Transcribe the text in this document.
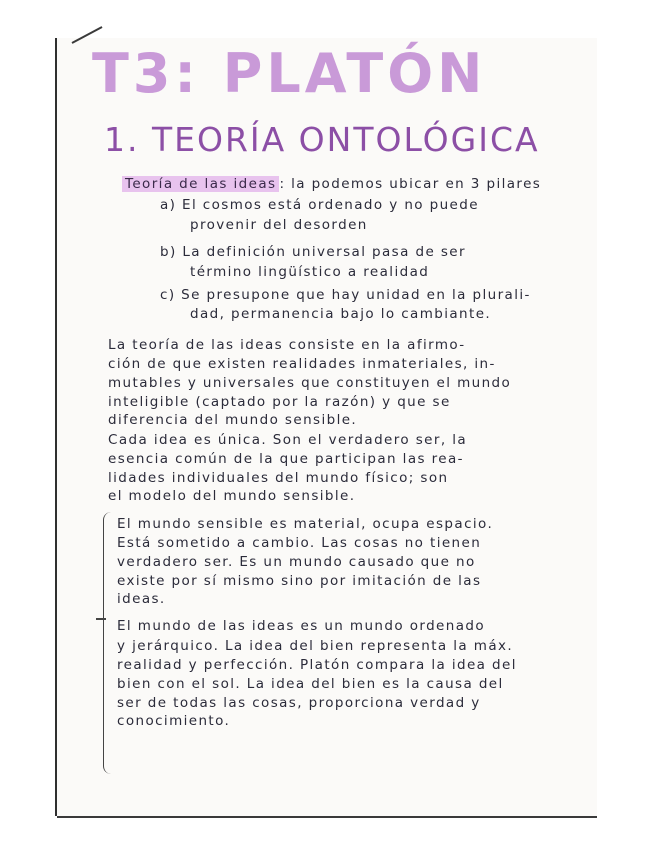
T3: PLATÓN
1. TEORÍA ONTOLÓGICA
Teoría de las ideas : la podemos ubicar en 3 pilares
a) El cosmos está ordenado y no puede
provenir del desorden
b) La definición universal pasa de ser
término lingüístico a realidad
c) Se presupone que hay unidad en la plurali-
dad, permanencia bajo lo cambiante.
La teoría de las ideas consiste en la afirmo-
ción de que existen realidades inmateriales, in-
mutables y universales que constituyen el mundo
inteligible (captado por la razón) y que se
diferencia del mundo sensible.
Cada idea es única. Son el verdadero ser, la
esencia común de la que participan las rea-
lidades individuales del mundo físico; son
el modelo del mundo sensible.
El mundo sensible es material, ocupa espacio.
Está sometido a cambio. Las cosas no tienen
verdadero ser. Es un mundo causado que no
existe por sí mismo sino por imitación de las
ideas.
El mundo de las ideas es un mundo ordenado
y jerárquico. La idea del bien representa la máx.
realidad y perfección. Platón compara la idea del
bien con el sol. La idea del bien es la causa del
ser de todas las cosas, proporciona verdad y
conocimiento.
